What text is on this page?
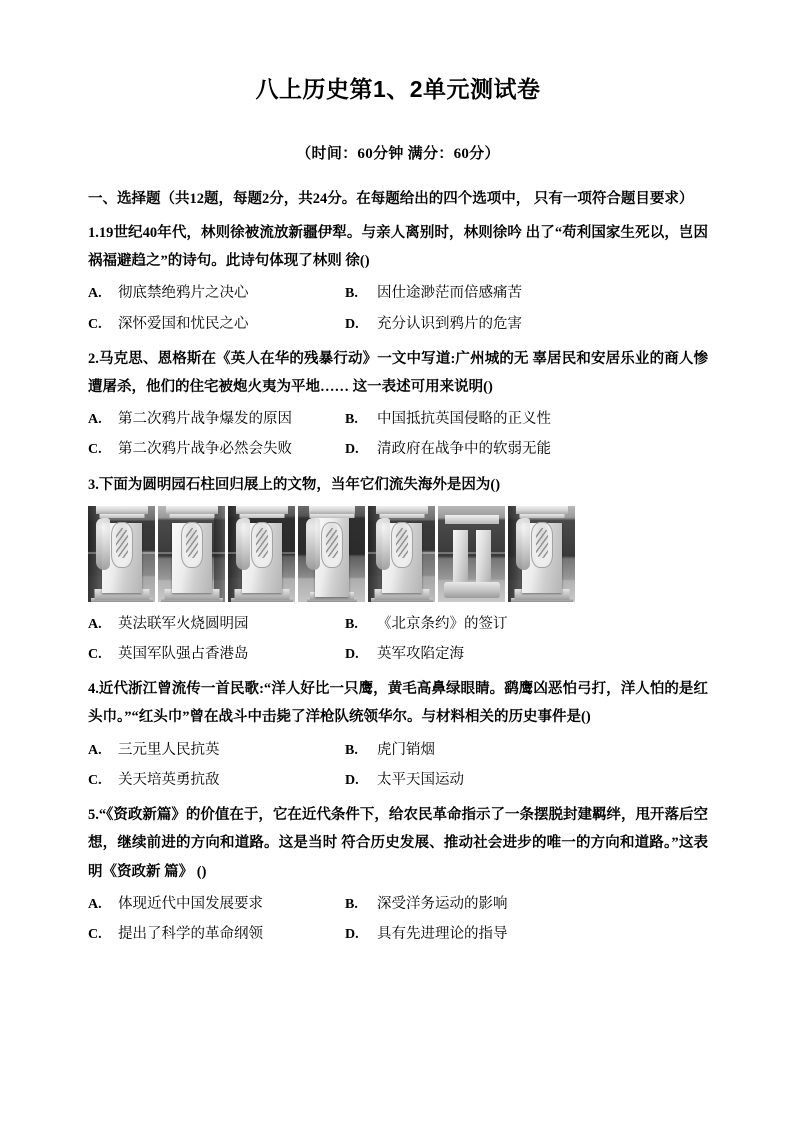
八上历史第1、2单元测试卷
（时间：60分钟 满分：60分）
一、选择题（共12题，每题2分，共24分。在每题给出的四个选项中， 只有一项符合题目要求）

1.19世纪40年代，林则徐被流放新疆伊犁。与亲人离别时，林则徐吟 出了“苟利国家生死以，岂因祸福避趋之”的诗句。此诗句体现了林则 徐( )

A.	彻底禁绝鸦片之决心	B.	因仕途渺茫而倍感痛苦
C.	深怀爱国和忧民之心	D.	充分认识到鸦片的危害

2.马克思、恩格斯在《英人在华的残暴行动》一文中写道:广州城的无 辜居民和安居乐业的商人惨遭屠杀，他们的住宅被炮火夷为平地…… 这一表述可用来说明( )

A.	第二次鸦片战争爆发的原因	B.	中国抵抗英国侵略的正义性
C.	第二次鸦片战争必然会失败	D.	清政府在战争中的软弱无能

3.下面为圆明园石柱回归展上的文物，当年它们流失海外是因为( )

A.	英法联军火烧圆明园	B.	《北京条约》的签订
C.	英国军队强占香港岛	D.	英军攻陷定海

4.近代浙江曾流传一首民歌:“洋人好比一只鹰，黄毛高鼻绿眼睛。鹞鹰凶恶怕弓打，洋人怕的是红头巾。”“红头巾”曾在战斗中击毙了洋枪队统领华尔。与材料相关的历史事件是( )

A.	三元里人民抗英	B.	虎门销烟
C.	关天培英勇抗敌	D.	太平天国运动

5.“《资政新篇》的价值在于，它在近代条件下，给农民革命指示了一条摆脱封建羁绊，甩开落后空想，继续前进的方向和道路。这是当时 符合历史发展、推动社会进步的唯一的方向和道路。”这表明《资政新 篇》 ( )

A.	体现近代中国发展要求	B.	深受洋务运动的影响
C.	提出了科学的革命纲领	D.	具有先进理论的指导
